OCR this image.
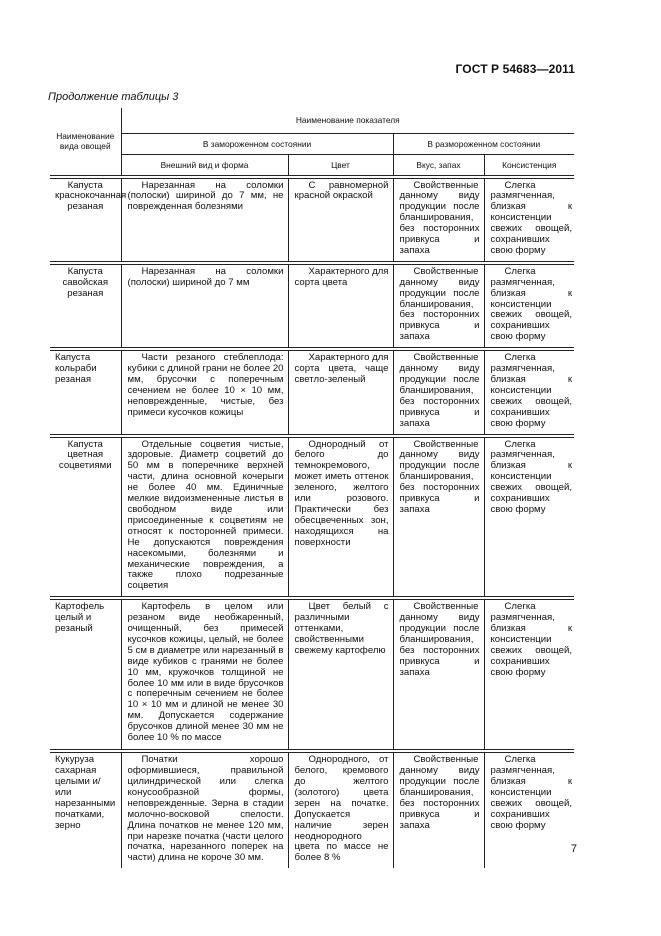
ГОСТ Р 54683—2011
Продолжение таблицы 3
Наименование вида овощей	Наименование показателя			
	В замороженном состоянии		В размороженном состоянии	
	Внешний вид и форма	Цвет	Вкус, запах	Консистенция

Капуста краснокочанная резаная	Нарезанная на соломки (полоски) шириной до 7 мм, не поврежденная болезнями	С равномерной красной окраской	Свойственные данному виду продукции после бланширования, без посторонних привкуса и запаха	Слегка размягченная, близкая к консистенции свежих овощей, сохранивших свою форму

Капуста савойская резаная	Нарезанная на соломки (полоски) шириной до 7 мм	Характерного для сорта цвета	Свойственные данному виду продукции после бланширования, без посторонних привкуса и запаха	Слегка размягченная, близкая к консистенции свежих овощей, сохранивших свою форму

Капуста кольраби резаная	Части резаного стеблеплода: кубики с длиной грани не более 20 мм, брусочки с поперечным сечением не более 10 × 10 мм, неповрежденные, чистые, без примеси кусочков кожицы	Характерного для сорта цвета, чаще светло-зеленый	Свойственные данному виду продукции после бланширования, без посторонних привкуса и запаха	Слегка размягченная, близкая к консистенции свежих овощей, сохранивших свою форму

Капуста цветная соцветиями	Отдельные соцветия чистые, здоровые. Диаметр соцветий до 50 мм в поперечнике верхней части, длина основной кочерыги не более 40 мм. Единичные мелкие видоизмененные листья в свободном виде или присоединенные к соцветиям не относят к посторонней примеси. Не допускаются повреждения насекомыми, болезнями и механические повреждения, а также плохо подрезанные соцветия	Однородный от белого до темнокремового, может иметь оттенок зеленого, желтого или розового. Практически без обесцвеченных зон, находящихся на поверхности	Свойственные данному виду продукции после бланширования, без посторонних привкуса и запаха	Слегка размягченная, близкая к консистенции свежих овощей, сохранивших свою форму

Картофель целый и резаный	Картофель в целом или резаном виде необжаренный, очищенный, без примесей кусочков кожицы, целый, не более 5 см в диаметре или нарезанный в виде кубиков с гранями не более 10 мм, кружочков толщиной не более 10 мм или в виде брусочков с поперечным сечением не более 10 × 10 мм и длиной не менее 30 мм. Допускается содержание брусочков длиной менее 30 мм не более 10 % по массе	Цвет белый с различными оттенками, свойственными свежему картофелю	Свойственные данному виду продукции после бланширования, без посторонних привкуса и запаха	Слегка размягченная, близкая к консистенции свежих овощей, сохранивших свою форму

Кукуруза сахарная целыми и/или нарезанными початками, зерно	Початки хорошо оформившиеся, правильной цилиндрической или слегка конусообразной формы, неповрежденные. Зерна в стадии молочно-восковой спелости. Длина початков не менее 120 мм, при нарезке початка (части целого початка, нарезанного поперек на части) длина не короче 30 мм.	Однородного, от белого, кремового до желтого (золотого) цвета зерен на початке. Допускается наличие зерен неоднородного цвета по массе не более 8 %	Свойственные данному виду продукции после бланширования, без посторонних привкуса и запаха	Слегка размягченная, близкая к консистенции свежих овощей, сохранивших свою форму
7
